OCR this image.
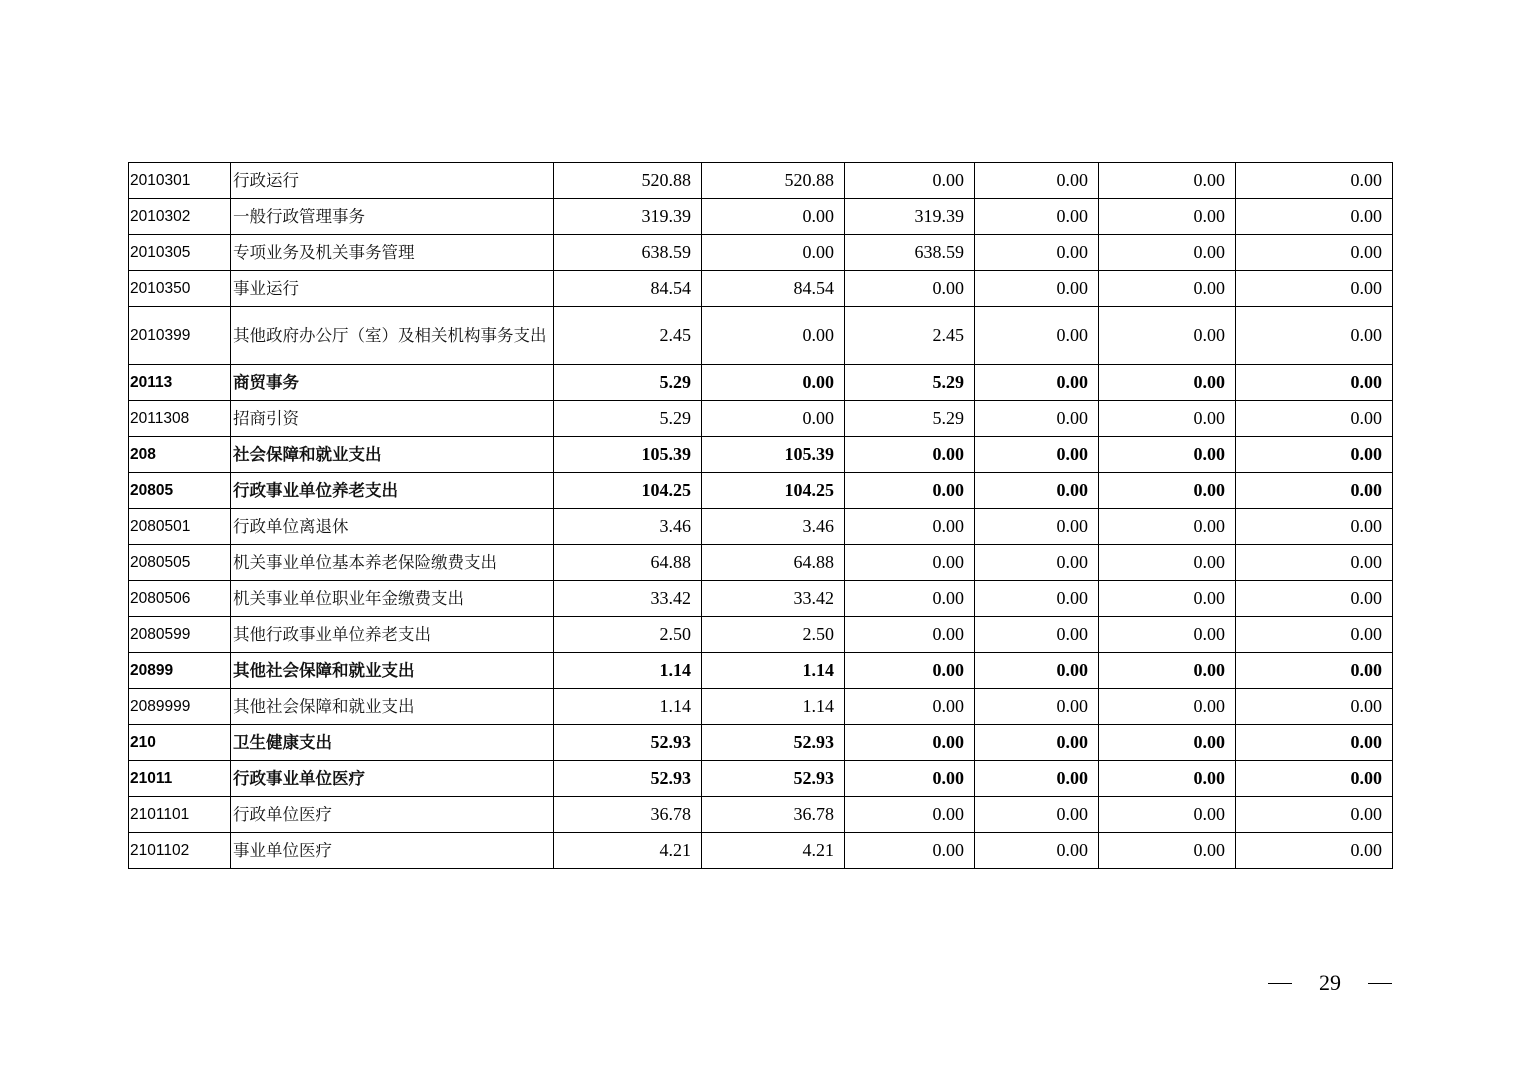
2010301	行政运行	520.88	520.88	0.00	0.00	0.00	0.00
2010302	一般行政管理事务	319.39	0.00	319.39	0.00	0.00	0.00
2010305	专项业务及机关事务管理	638.59	0.00	638.59	0.00	0.00	0.00
2010350	事业运行	84.54	84.54	0.00	0.00	0.00	0.00
2010399	其他政府办公厅（室）及相关机构事务支出	2.45	0.00	2.45	0.00	0.00	0.00
20113	商贸事务	5.29	0.00	5.29	0.00	0.00	0.00
2011308	招商引资	5.29	0.00	5.29	0.00	0.00	0.00
208	社会保障和就业支出	105.39	105.39	0.00	0.00	0.00	0.00
20805	行政事业单位养老支出	104.25	104.25	0.00	0.00	0.00	0.00
2080501	行政单位离退休	3.46	3.46	0.00	0.00	0.00	0.00
2080505	机关事业单位基本养老保险缴费支出	64.88	64.88	0.00	0.00	0.00	0.00
2080506	机关事业单位职业年金缴费支出	33.42	33.42	0.00	0.00	0.00	0.00
2080599	其他行政事业单位养老支出	2.50	2.50	0.00	0.00	0.00	0.00
20899	其他社会保障和就业支出	1.14	1.14	0.00	0.00	0.00	0.00
2089999	其他社会保障和就业支出	1.14	1.14	0.00	0.00	0.00	0.00
210	卫生健康支出	52.93	52.93	0.00	0.00	0.00	0.00
21011	行政事业单位医疗	52.93	52.93	0.00	0.00	0.00	0.00
2101101	行政单位医疗	36.78	36.78	0.00	0.00	0.00	0.00
2101102	事业单位医疗	4.21	4.21	0.00	0.00	0.00	0.00
29
